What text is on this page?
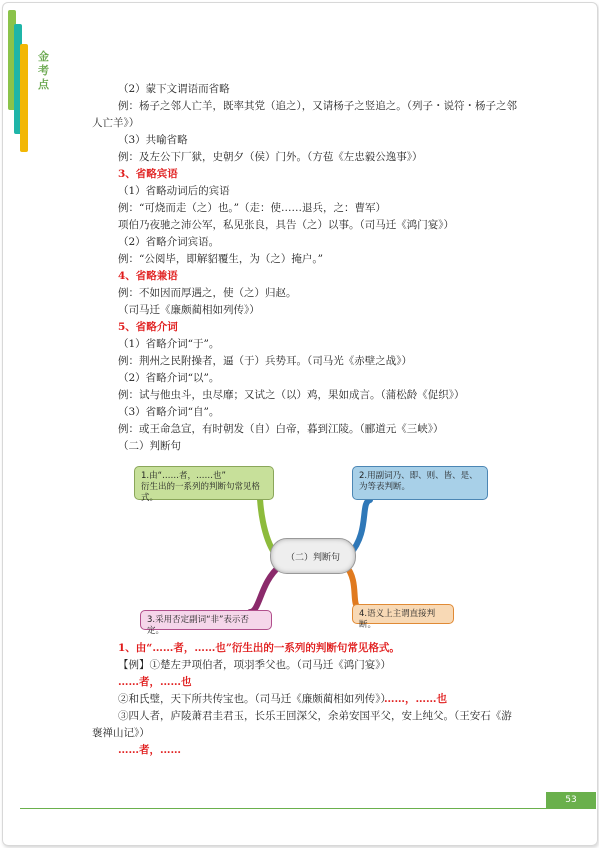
金考点	（2）蒙下文谓语而省略
例：杨子之邻人亡羊，既率其党（追之），又请杨子之竖追之。（列子・说符・杨子之邻
人亡羊》）
（3）共喻省略
例：及左公下厂狱，史朝夕（侯）门外。（方苞《左忠毅公逸事》）
3、省略宾语
（1）省略动词后的宾语
例：“可烧而走（之）也。”（走：使……退兵，之：曹军）
项伯乃夜驰之沛公军，私见张良，具告（之）以事。（司马迁《鸿门宴》）
（2）省略介词宾语。
例：“公阅毕，即解貂覆生，为（之）掩户。”
4、省略兼语
例：不如因而厚遇之，使（之）归赵。
（司马迁《廉颇蔺相如列传》）
5、省略介词
（1）省略介词“于”。
例：荆州之民附操者，逼（于）兵势耳。（司马光《赤壁之战》）
（2）省略介词“以”。
例：试与他虫斗，虫尽靡；又试之（以）鸡，果如成言。（蒲松龄《促织》）
（3）省略介词“自”。
例：或王命急宣，有时朝发（自）白帝，暮到江陵。（郦道元《三峡》）
（二）判断句
1.由“……者，……也”
衍生出的一系列的判断句常见格式。
2.用副词乃、即、则、皆、是、为等表判断。
3.采用否定副词“非”表示否定。
4.语义上主谓直接判断。
（二）判断句
1、由“……者，……也”衍生出的一系列的判断句常见格式。
【例】①楚左尹项伯者，项羽季父也。（司马迁《鸿门宴》）
……者，……也
②和氏璧，天下所共传宝也。（司马迁《廉颇蔺相如列传》）
……，……也
③四人者，庐陵萧君圭君玉，长乐王回深父，余弟安国平父，安上纯父。（王安石《游
褒禅山记》）
……者，……
53
